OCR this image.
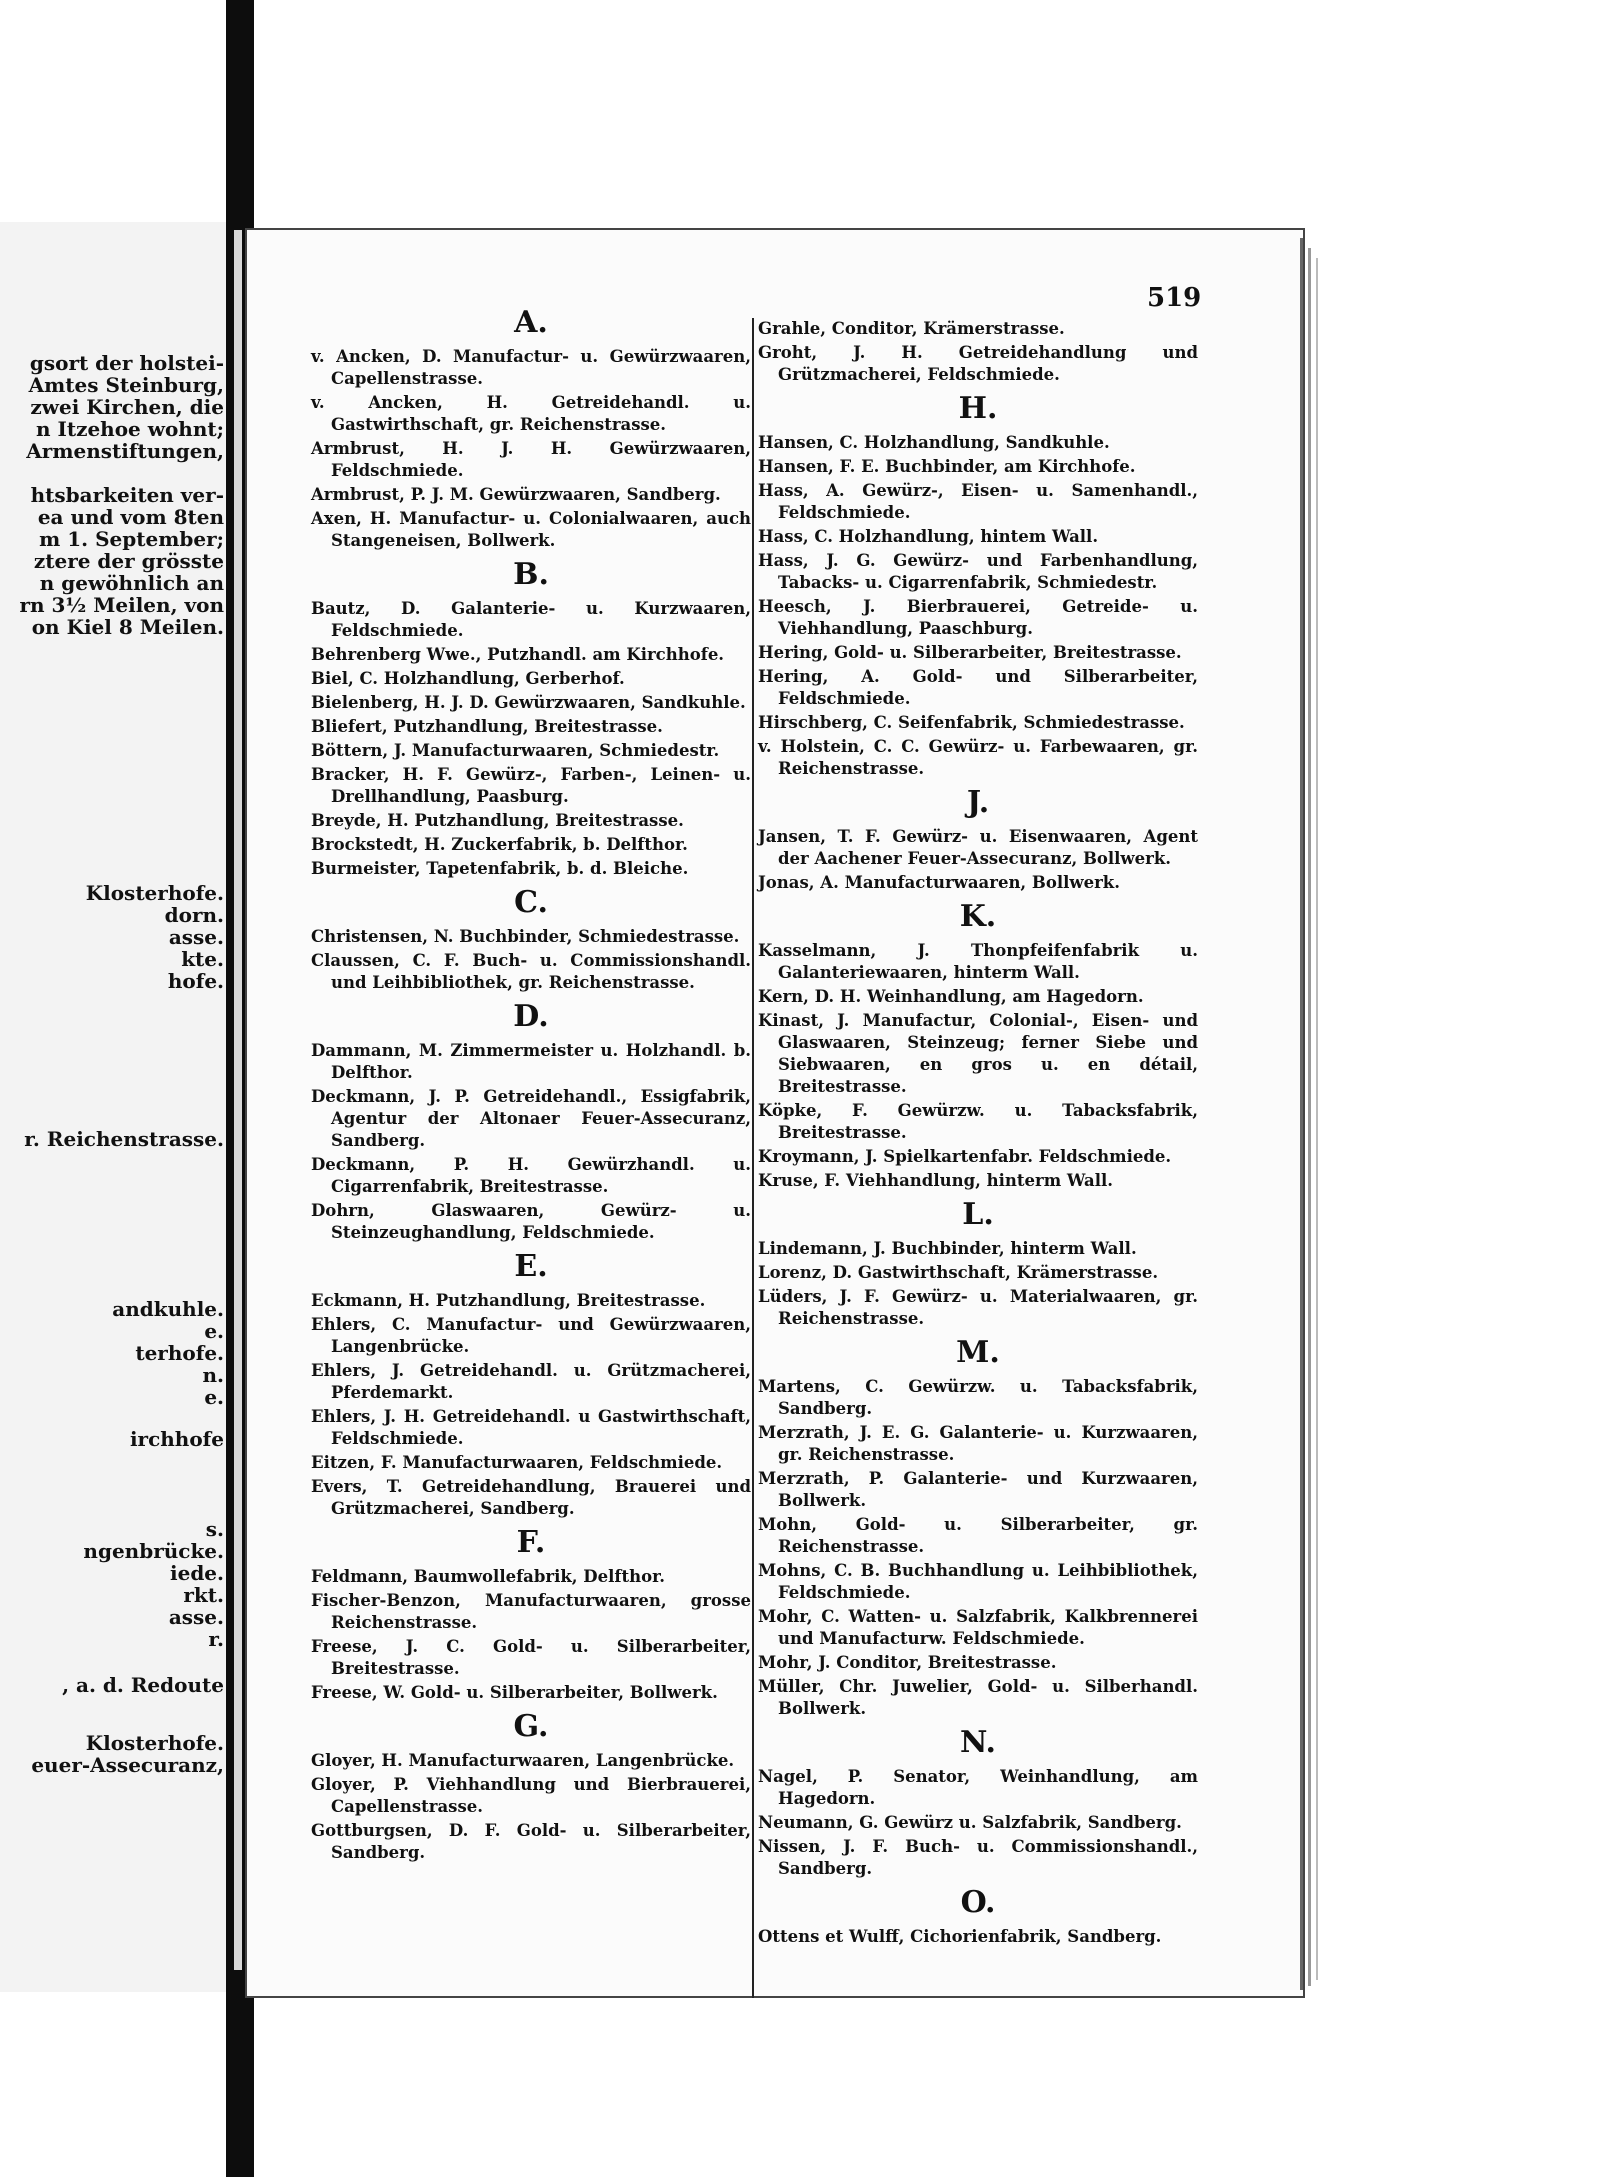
gsort der holstei-
Amtes Steinburg,
zwei Kirchen, die
n Itzehoe wohnt;
Armenstiftungen,
htsbarkeiten ver-
ea und vom 8ten
m 1. September;
ztere der grösste
n gewöhnlich an
rn 3½ Meilen, von
on Kiel 8 Meilen.
Klosterhofe.
dorn.
asse.
kte.
hofe.
r. Reichenstrasse.
andkuhle.
e.
terhofe.
n.
e.
irchhofe
s.
ngenbrücke.
iede.
rkt.
asse.
r.
, a. d. Redoute
Klosterhofe.
euer-Assecuranz,
519
A.
v. Ancken, D. Manufactur- u. Gewürzwaaren, Capellenstrasse.
v. Ancken, H. Getreidehandl. u. Gastwirthschaft, gr. Reichenstrasse.
Armbrust, H. J. H. Gewürzwaaren, Feldschmiede.
Armbrust, P. J. M. Gewürzwaaren, Sandberg.
Axen, H. Manufactur- u. Colonialwaaren, auch Stangeneisen, Bollwerk.
B.
Bautz, D. Galanterie- u. Kurzwaaren, Feldschmiede.
Behrenberg Wwe., Putzhandl. am Kirchhofe.
Biel, C. Holzhandlung, Gerberhof.
Bielenberg, H. J. D. Gewürzwaaren, Sandkuhle.
Bliefert, Putzhandlung, Breitestrasse.
Böttern, J. Manufacturwaaren, Schmiedestr.
Bracker, H. F. Gewürz-, Farben-, Leinen- u. Drellhandlung, Paasburg.
Breyde, H. Putzhandlung, Breitestrasse.
Brockstedt, H. Zuckerfabrik, b. Delfthor.
Burmeister, Tapetenfabrik, b. d. Bleiche.
C.
Christensen, N. Buchbinder, Schmiedestrasse.
Claussen, C. F. Buch- u. Commissionshandl. und Leihbibliothek, gr. Reichenstrasse.
D.
Dammann, M. Zimmermeister u. Holzhandl. b. Delfthor.
Deckmann, J. P. Getreidehandl., Essigfabrik, Agentur der Altonaer Feuer-Assecuranz, Sandberg.
Deckmann, P. H. Gewürzhandl. u. Cigarrenfabrik, Breitestrasse.
Dohrn, Glaswaaren, Gewürz- u. Steinzeughandlung, Feldschmiede.
E.
Eckmann, H. Putzhandlung, Breitestrasse.
Ehlers, C. Manufactur- und Gewürzwaaren, Langenbrücke.
Ehlers, J. Getreidehandl. u. Grützmacherei, Pferdemarkt.
Ehlers, J. H. Getreidehandl. u Gastwirthschaft, Feldschmiede.
Eitzen, F. Manufacturwaaren, Feldschmiede.
Evers, T. Getreidehandlung, Brauerei und Grützmacherei, Sandberg.
F.
Feldmann, Baumwollefabrik, Delfthor.
Fischer-Benzon, Manufacturwaaren, grosse Reichenstrasse.
Freese, J. C. Gold- u. Silberarbeiter, Breitestrasse.
Freese, W. Gold- u. Silberarbeiter, Bollwerk.
G.
Gloyer, H. Manufacturwaaren, Langenbrücke.
Gloyer, P. Viehhandlung und Bierbrauerei, Capellenstrasse.
Gottburgsen, D. F. Gold- u. Silberarbeiter, Sandberg.
Grahle, Conditor, Krämerstrasse.
Groht, J. H. Getreidehandlung und Grützmacherei, Feldschmiede.
H.
Hansen, C. Holzhandlung, Sandkuhle.
Hansen, F. E. Buchbinder, am Kirchhofe.
Hass, A. Gewürz-, Eisen- u. Samenhandl., Feldschmiede.
Hass, C. Holzhandlung, hintem Wall.
Hass, J. G. Gewürz- und Farbenhandlung, Tabacks- u. Cigarrenfabrik, Schmiedestr.
Heesch, J. Bierbrauerei, Getreide- u. Viehhandlung, Paaschburg.
Hering, Gold- u. Silberarbeiter, Breitestrasse.
Hering, A. Gold- und Silberarbeiter, Feldschmiede.
Hirschberg, C. Seifenfabrik, Schmiedestrasse.
v. Holstein, C. C. Gewürz- u. Farbewaaren, gr. Reichenstrasse.
J.
Jansen, T. F. Gewürz- u. Eisenwaaren, Agent der Aachener Feuer-Assecuranz, Bollwerk.
Jonas, A. Manufacturwaaren, Bollwerk.
K.
Kasselmann, J. Thonpfeifenfabrik u. Galanteriewaaren, hinterm Wall.
Kern, D. H. Weinhandlung, am Hagedorn.
Kinast, J. Manufactur, Colonial-, Eisen- und Glaswaaren, Steinzeug; ferner Siebe und Siebwaaren, en gros u. en détail, Breitestrasse.
Köpke, F. Gewürzw. u. Tabacksfabrik, Breitestrasse.
Kroymann, J. Spielkartenfabr. Feldschmiede.
Kruse, F. Viehhandlung, hinterm Wall.
L.
Lindemann, J. Buchbinder, hinterm Wall.
Lorenz, D. Gastwirthschaft, Krämerstrasse.
Lüders, J. F. Gewürz- u. Materialwaaren, gr. Reichenstrasse.
M.
Martens, C. Gewürzw. u. Tabacksfabrik, Sandberg.
Merzrath, J. E. G. Galanterie- u. Kurzwaaren, gr. Reichenstrasse.
Merzrath, P. Galanterie- und Kurzwaaren, Bollwerk.
Mohn, Gold- u. Silberarbeiter, gr. Reichenstrasse.
Mohns, C. B. Buchhandlung u. Leihbibliothek, Feldschmiede.
Mohr, C. Watten- u. Salzfabrik, Kalkbrennerei und Manufacturw. Feldschmiede.
Mohr, J. Conditor, Breitestrasse.
Müller, Chr. Juwelier, Gold- u. Silberhandl. Bollwerk.
N.
Nagel, P. Senator, Weinhandlung, am Hagedorn.
Neumann, G. Gewürz u. Salzfabrik, Sandberg.
Nissen, J. F. Buch- u. Commissionshandl., Sandberg.
O.
Ottens et Wulff, Cichorienfabrik, Sandberg.
